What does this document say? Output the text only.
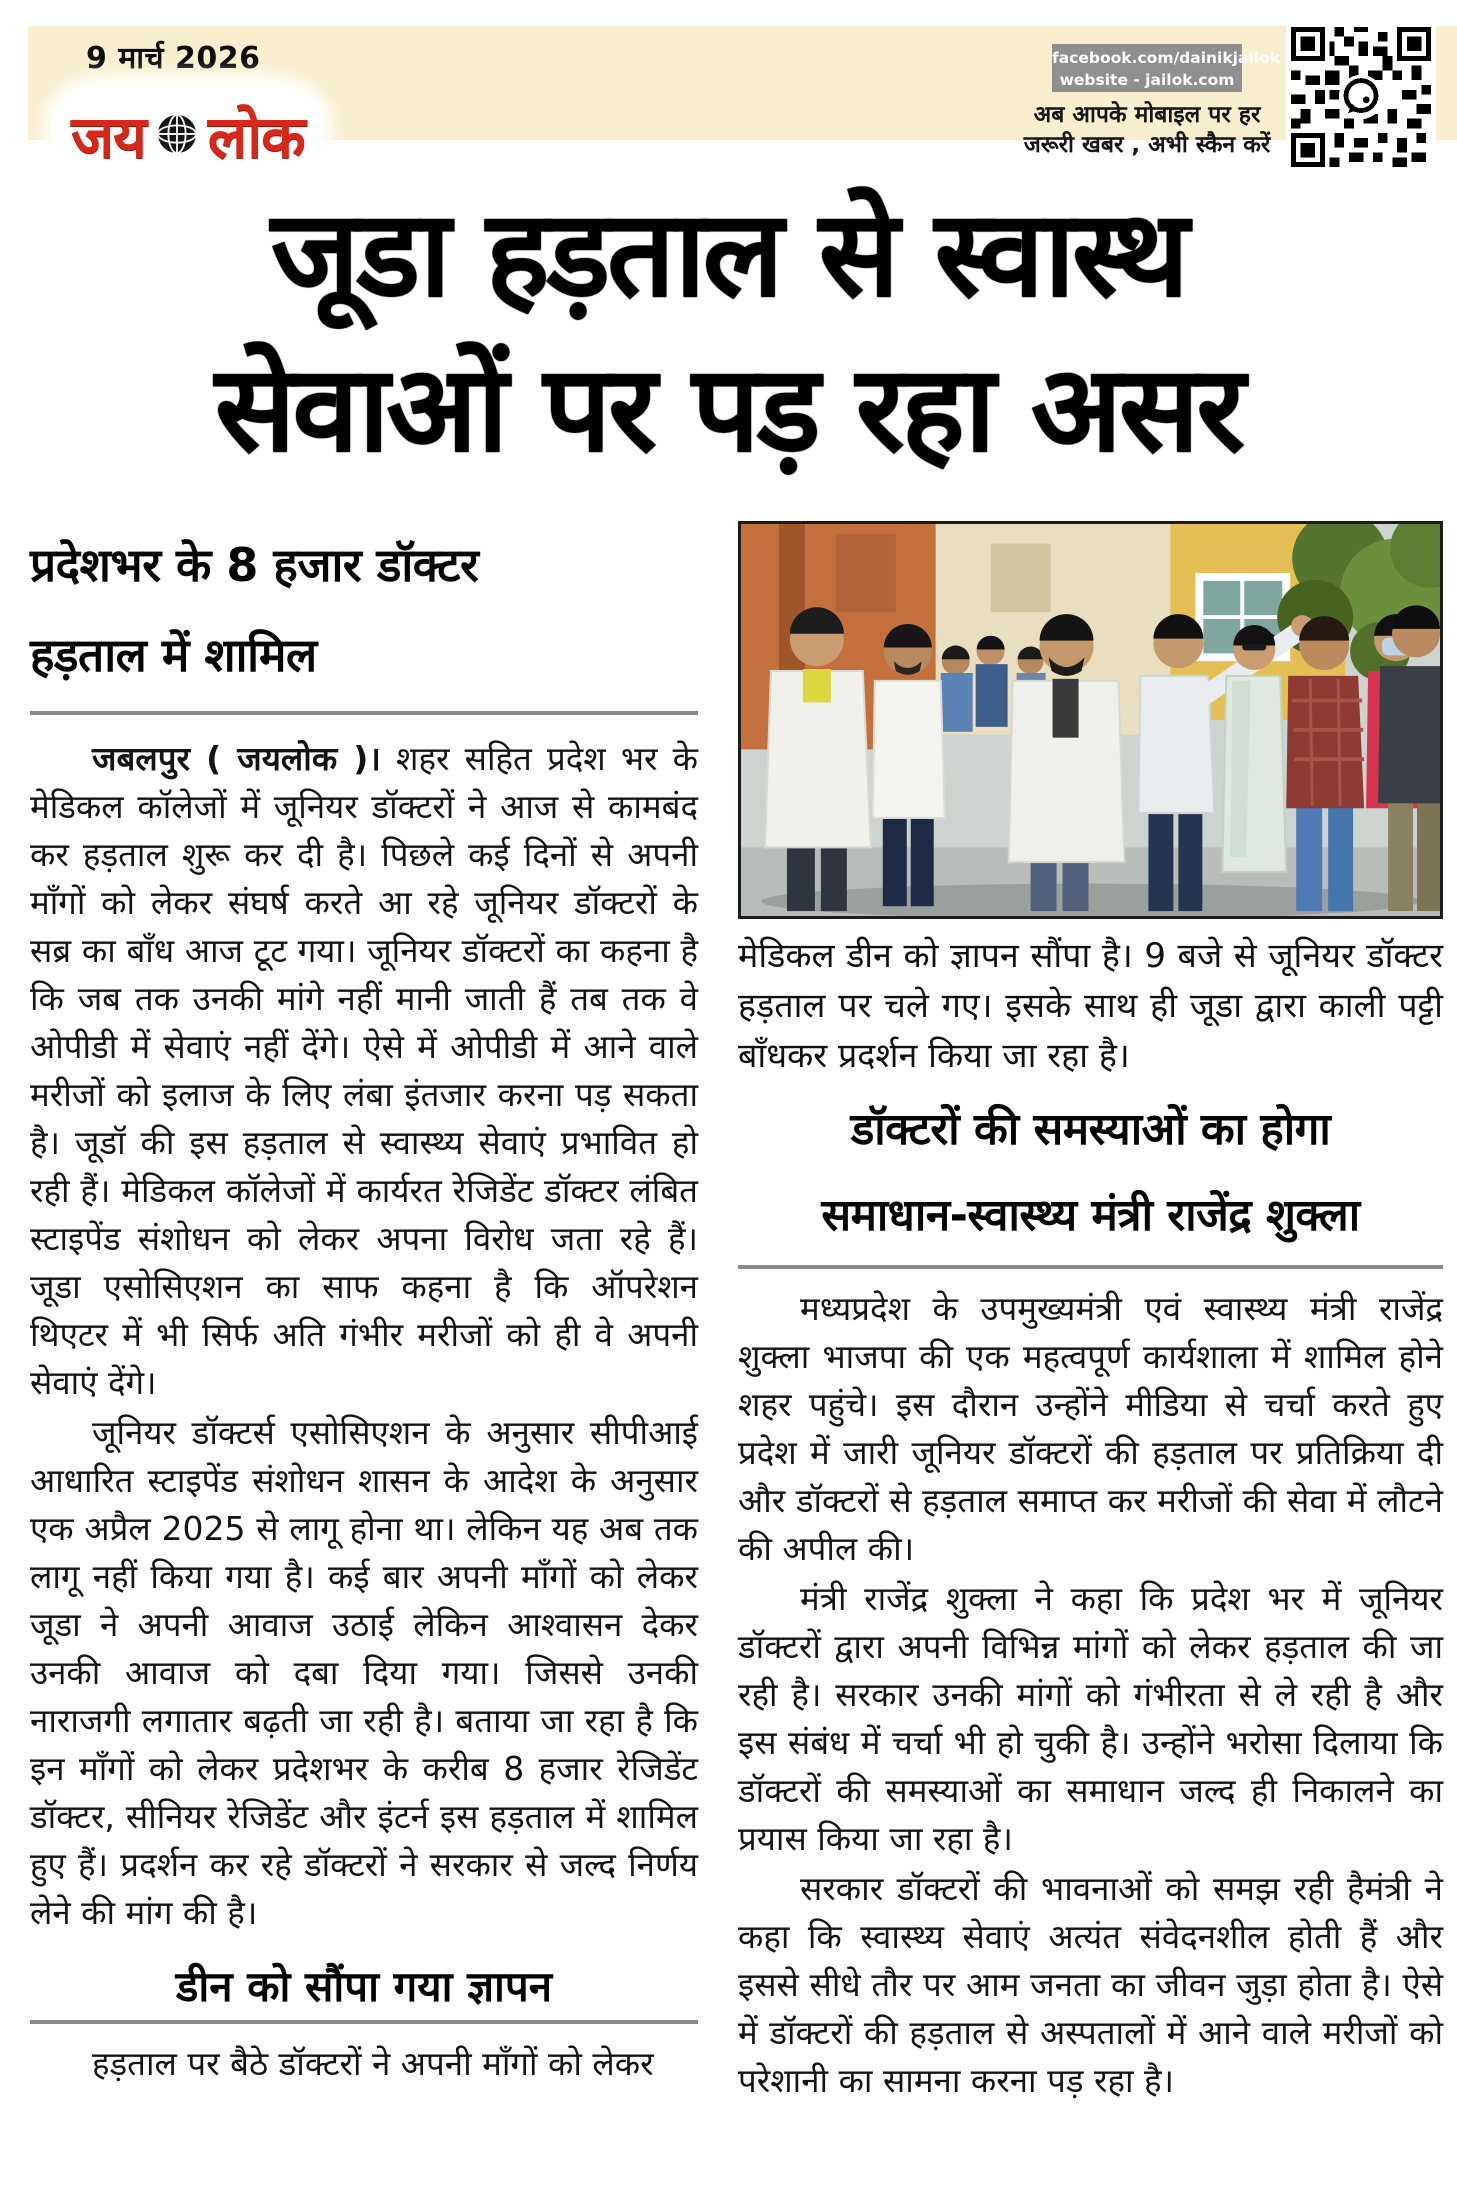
9 मार्च 2026
जय लोक
facebook.com/dainikjailok
website - jailok.com
अब आपके मोबाइल पर हर
जरूरी खबर , अभी स्कैन करें
जूडा हड़ताल से स्वास्थ
सेवाओं पर पड़ रहा असर
प्रदेशभर के 8 हजार डॉक्टर
हड़ताल में शामिल

जबलपुर ( जयलोक )। शहर सहित प्रदेश भर के मेडिकल कॉलेजों में जूनियर डॉक्टरों ने आज से कामबंद कर हड़ताल शुरू कर दी है। पिछले कई दिनों से अपनी माँगों को लेकर संघर्ष करते आ रहे जूनियर डॉक्टरों के सब्र का बाँध आज टूट गया। जूनियर डॉक्टरों का कहना है कि जब तक उनकी मांगे नहीं मानी जाती हैं तब तक वे ओपीडी में सेवाएं नहीं देंगे। ऐसे में ओपीडी में आने वाले मरीजों को इलाज के लिए लंबा इंतजार करना पड़ सकता है। जूडॉ की इस हड़ताल से स्वास्थ्य सेवाएं प्रभावित हो रही हैं। मेडिकल कॉलेजों में कार्यरत रेजिडेंट डॉक्टर लंबित स्टाइपेंड संशोधन को लेकर अपना विरोध जता रहे हैं। जूडा एसोसिएशन का साफ कहना है कि ऑपरेशन थिएटर में भी सिर्फ अति गंभीर मरीजों को ही वे अपनी सेवाएं देंगे।

जूनियर डॉक्टर्स एसोसिएशन के अनुसार सीपीआई आधारित स्टाइपेंड संशोधन शासन के आदेश के अनुसार एक अप्रैल 2025 से लागू होना था। लेकिन यह अब तक लागू नहीं किया गया है। कई बार अपनी माँगों को लेकर जूडा ने अपनी आवाज उठाई लेकिन आश्वासन देकर उनकी आवाज को दबा दिया गया। जिससे उनकी नाराजगी लगातार बढ़ती जा रही है। बताया जा रहा है कि इन माँगों को लेकर प्रदेशभर के करीब 8 हजार रेजिडेंट डॉक्टर, सीनियर रेजिडेंट और इंटर्न इस हड़ताल में शामिल हुए हैं। प्रदर्शन कर रहे डॉक्टरों ने सरकार से जल्द निर्णय लेने की मांग की है।

डीन को सौंपा गया ज्ञापन

हड़ताल पर बैठे डॉक्टरों ने अपनी माँगों को लेकर

मेडिकल डीन को ज्ञापन सौंपा है। 9 बजे से जूनियर डॉक्टर हड़ताल पर चले गए। इसके साथ ही जूडा द्वारा काली पट्टी बाँधकर प्रदर्शन किया जा रहा है।

डॉक्टरों की समस्याओं का होगा
समाधान-स्वास्थ्य मंत्री राजेंद्र शुक्ला

मध्यप्रदेश के उपमुख्यमंत्री एवं स्वास्थ्य मंत्री राजेंद्र शुक्ला भाजपा की एक महत्वपूर्ण कार्यशाला में शामिल होने शहर पहुंचे। इस दौरान उन्होंने मीडिया से चर्चा करते हुए प्रदेश में जारी जूनियर डॉक्टरों की हड़ताल पर प्रतिक्रिया दी और डॉक्टरों से हड़ताल समाप्त कर मरीजों की सेवा में लौटने की अपील की।

मंत्री राजेंद्र शुक्ला ने कहा कि प्रदेश भर में जूनियर डॉक्टरों द्वारा अपनी विभिन्न मांगों को लेकर हड़ताल की जा रही है। सरकार उनकी मांगों को गंभीरता से ले रही है और इस संबंध में चर्चा भी हो चुकी है। उन्होंने भरोसा दिलाया कि डॉक्टरों की समस्याओं का समाधान जल्द ही निकालने का प्रयास किया जा रहा है।

सरकार डॉक्टरों की भावनाओं को समझ रही हैमंत्री ने कहा कि स्वास्थ्य सेवाएं अत्यंत संवेदनशील होती हैं और इससे सीधे तौर पर आम जनता का जीवन जुड़ा होता है। ऐसे में डॉक्टरों की हड़ताल से अस्पतालों में आने वाले मरीजों को परेशानी का सामना करना पड़ रहा है।
